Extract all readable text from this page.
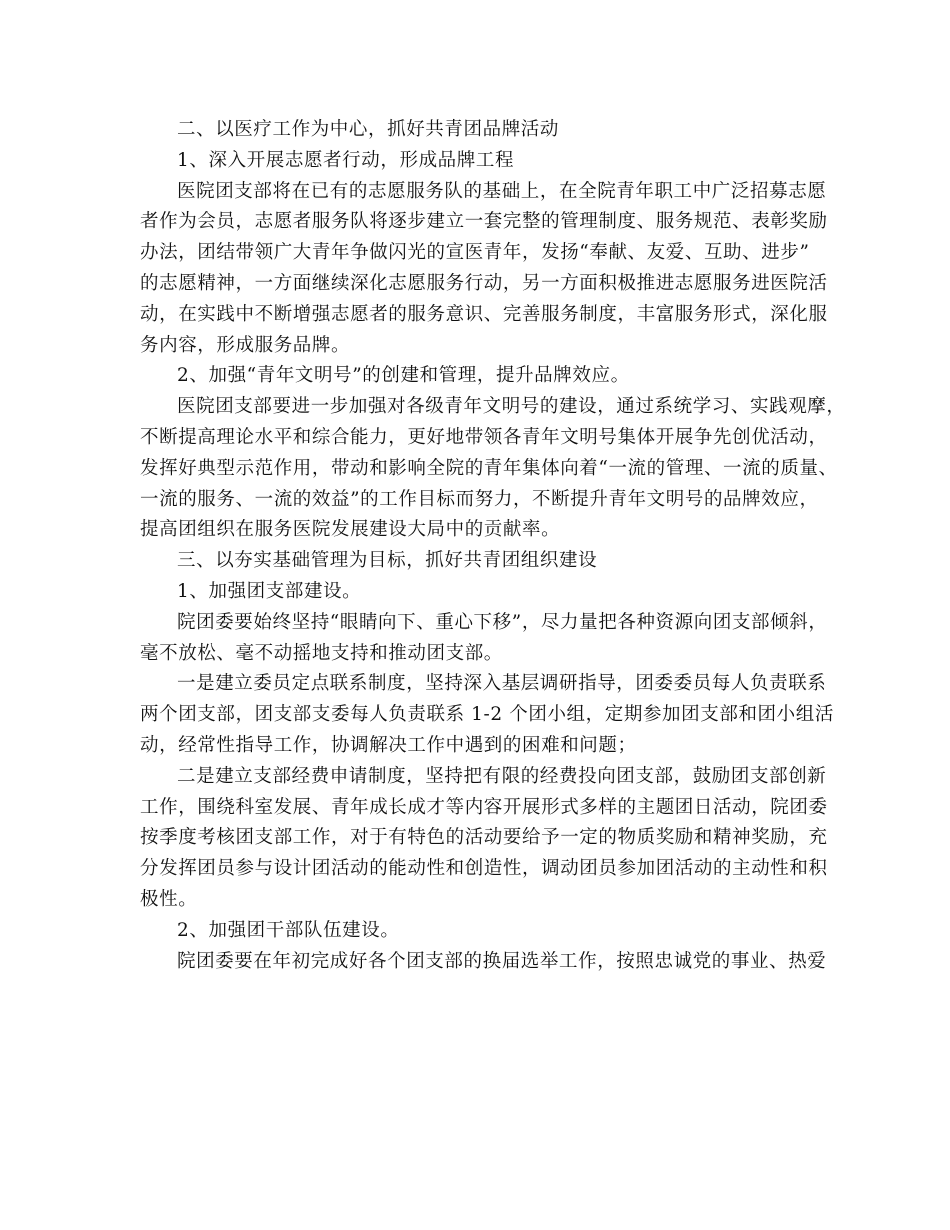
二、以医疗工作为中心，抓好共青团品牌活动
1、深入开展志愿者行动，形成品牌工程
医院团支部将在已有的志愿服务队的基础上，在全院青年职工中广泛招募志愿
者作为会员，志愿者服务队将逐步建立一套完整的管理制度、服务规范、表彰奖励
办法，团结带领广大青年争做闪光的宣医青年，发扬“奉献、友爱、互助、进步”
的志愿精神，一方面继续深化志愿服务行动，另一方面积极推进志愿服务进医院活
动，在实践中不断增强志愿者的服务意识、完善服务制度，丰富服务形式，深化服
务内容，形成服务品牌。
2、加强“青年文明号”的创建和管理，提升品牌效应。
医院团支部要进一步加强对各级青年文明号的建设，通过系统学习、实践观摩，
不断提高理论水平和综合能力，更好地带领各青年文明号集体开展争先创优活动，
发挥好典型示范作用，带动和影响全院的青年集体向着“一流的管理、一流的质量、
一流的服务、一流的效益”的工作目标而努力，不断提升青年文明号的品牌效应，
提高团组织在服务医院发展建设大局中的贡献率。
三、以夯实基础管理为目标，抓好共青团组织建设
1、加强团支部建设。
院团委要始终坚持“眼睛向下、重心下移”，尽力量把各种资源向团支部倾斜，
毫不放松、毫不动摇地支持和推动团支部。
一是建立委员定点联系制度，坚持深入基层调研指导，团委委员每人负责联系
两个团支部，团支部支委每人负责联系 1-2 个团小组，定期参加团支部和团小组活
动，经常性指导工作，协调解决工作中遇到的困难和问题；
二是建立支部经费申请制度，坚持把有限的经费投向团支部，鼓励团支部创新
工作，围绕科室发展、青年成长成才等内容开展形式多样的主题团日活动，院团委
按季度考核团支部工作，对于有特色的活动要给予一定的物质奖励和精神奖励，充
分发挥团员参与设计团活动的能动性和创造性，调动团员参加团活动的主动性和积
极性。
2、加强团干部队伍建设。
院团委要在年初完成好各个团支部的换届选举工作，按照忠诚党的事业、热爱
